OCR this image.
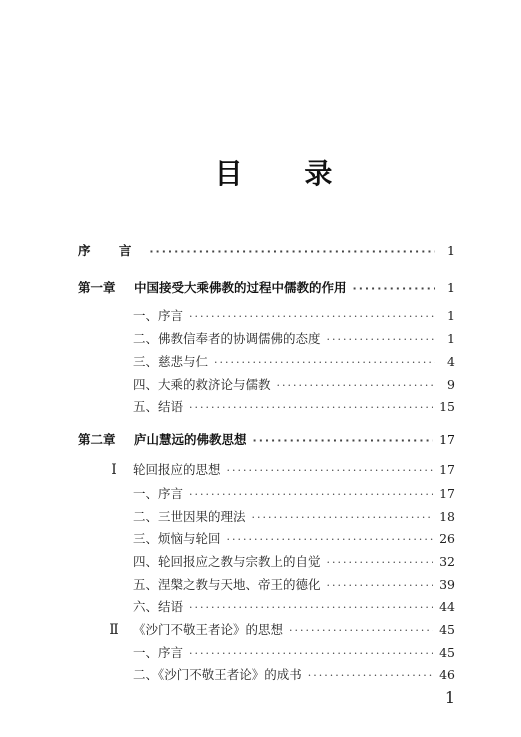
目 录
序 言 ·····	1
第一章	中国接受大乘佛教的过程中儒教的作用 ·····	1
一、序言 ·····	1
二、佛教信奉者的协调儒佛的态度 ·····	1
三、慈悲与仁 ·····	4
四、大乘的救济论与儒教 ·····	9
五、结语 ·····	15
第二章	庐山慧远的佛教思想 ·····	17
Ⅰ	轮回报应的思想 ·····	17
一、序言 ·····	17
二、三世因果的理法 ·····	18
三、烦恼与轮回 ·····	26
四、轮回报应之教与宗教上的自觉 ·····	32
五、涅槃之教与天地、帝王的德化 ·····	39
六、结语 ·····	44
Ⅱ	《沙门不敬王者论》的思想 ·····	45
一、序言 ·····	45
二、《沙门不敬王者论》的成书 ·····	46
1
